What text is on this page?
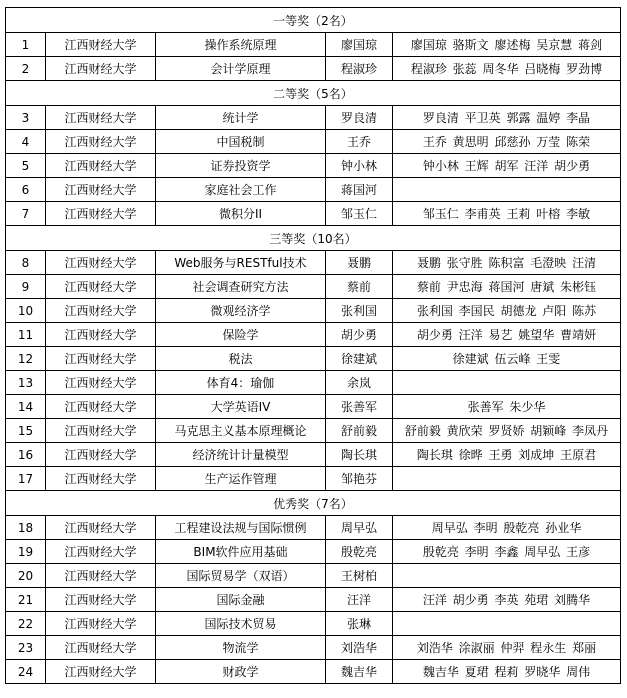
一等奖（2名）				
1	江西财经大学	操作系统原理	廖国琼	廖国琼 骆斯文 廖述梅 吴京慧 蒋剑
2	江西财经大学	会计学原理	程淑珍	程淑珍 张蕊 周冬华 吕晓梅 罗劲博
二等奖（5名）				
3	江西财经大学	统计学	罗良清	罗良清 平卫英 郭露 温婷 李晶
4	江西财经大学	中国税制	王乔	王乔 黄思明 邱慈孙 万莹 陈荣
5	江西财经大学	证券投资学	钟小林	钟小林 王辉 胡军 汪洋 胡少勇
6	江西财经大学	家庭社会工作	蒋国河	
7	江西财经大学	微积分II	邹玉仁	邹玉仁 李甫英 王莉 叶榕 李敏
三等奖（10名）				
8	江西财经大学	Web服务与RESTful技术	聂鹏	聂鹏 张守胜 陈积富 毛澄映 汪清
9	江西财经大学	社会调查研究方法	蔡前	蔡前 尹忠海 蒋国河 唐斌 朱彬钰
10	江西财经大学	微观经济学	张利国	张利国 李国民 胡德龙 卢阳 陈苏
11	江西财经大学	保险学	胡少勇	胡少勇 汪洋 易艺 姚望华 曹靖妍
12	江西财经大学	税法	徐建斌	徐建斌 伍云峰 王雯
13	江西财经大学	体育4：瑜伽	余岚	
14	江西财经大学	大学英语IV	张善军	张善军 朱少华
15	江西财经大学	马克思主义基本原理概论	舒前毅	舒前毅 黄欣荣 罗贤娇 胡颖峰 李凤丹
16	江西财经大学	经济统计计量模型	陶长琪	陶长琪 徐晔 王勇 刘成坤 王原君
17	江西财经大学	生产运作管理	邹艳芬	
优秀奖（7名）				
18	江西财经大学	工程建设法规与国际惯例	周早弘	周早弘 李明 殷乾亮 孙业华
19	江西财经大学	BIM软件应用基础	殷乾亮	殷乾亮 李明 李鑫 周早弘 王彦
20	江西财经大学	国际贸易学（双语）	王树柏	
21	江西财经大学	国际金融	汪洋	汪洋 胡少勇 李英 苑珺 刘腾华
22	江西财经大学	国际技术贸易	张琳	
23	江西财经大学	物流学	刘浩华	刘浩华 涂淑丽 仲羿 程永生 郑丽
24	江西财经大学	财政学	魏吉华	魏吉华 夏珺 程莉 罗晓华 周伟
